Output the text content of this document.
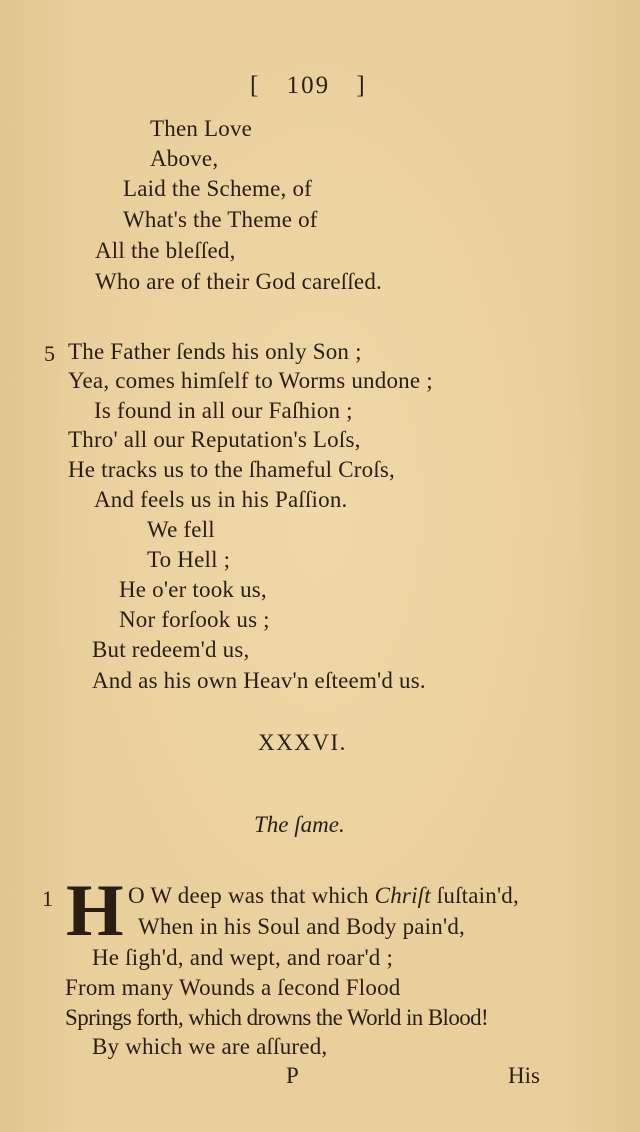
[ 109 ]
Then Love
Above,
Laid the Scheme, of
What's the Theme of
All the bleſſed,
Who are of their God careſſed.
5 The Father ſends his only Son ;
Yea, comes himſelf to Worms undone ;
Is found in all our Faſhion ;
Thro' all our Reputation's Loſs,
He tracks us to the ſhameful Croſs,
And feels us in his Paſſion.
We fell
To Hell ;
He o'er took us,
Nor forſook us ;
But redeem'd us,
And as his own Heav'n eſteem'd us.
XXXVI.
The ſame.
1 H O W deep was that which Chriſt ſuſtain'd,
When in his Soul and Body pain'd,
He ſigh'd, and wept, and roar'd ;
From many Wounds a ſecond Flood
Springs forth, which drowns the World in Blood!
By which we are aſſured,
P	His
